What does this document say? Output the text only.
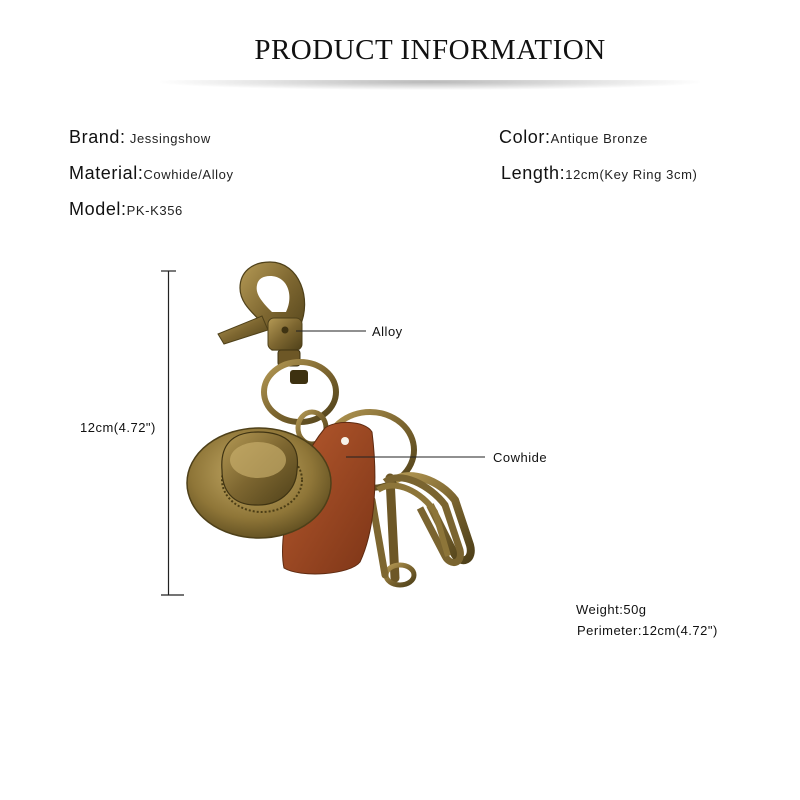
PRODUCT INFORMATION
Brand: Jessingshow
Material:Cowhide/Alloy
Model:PK-K356
Color:Antique Bronze
Length:12cm(Key Ring 3cm)
Alloy
Cowhide
12cm(4.72")
Weight:50g
Perimeter:12cm(4.72")
